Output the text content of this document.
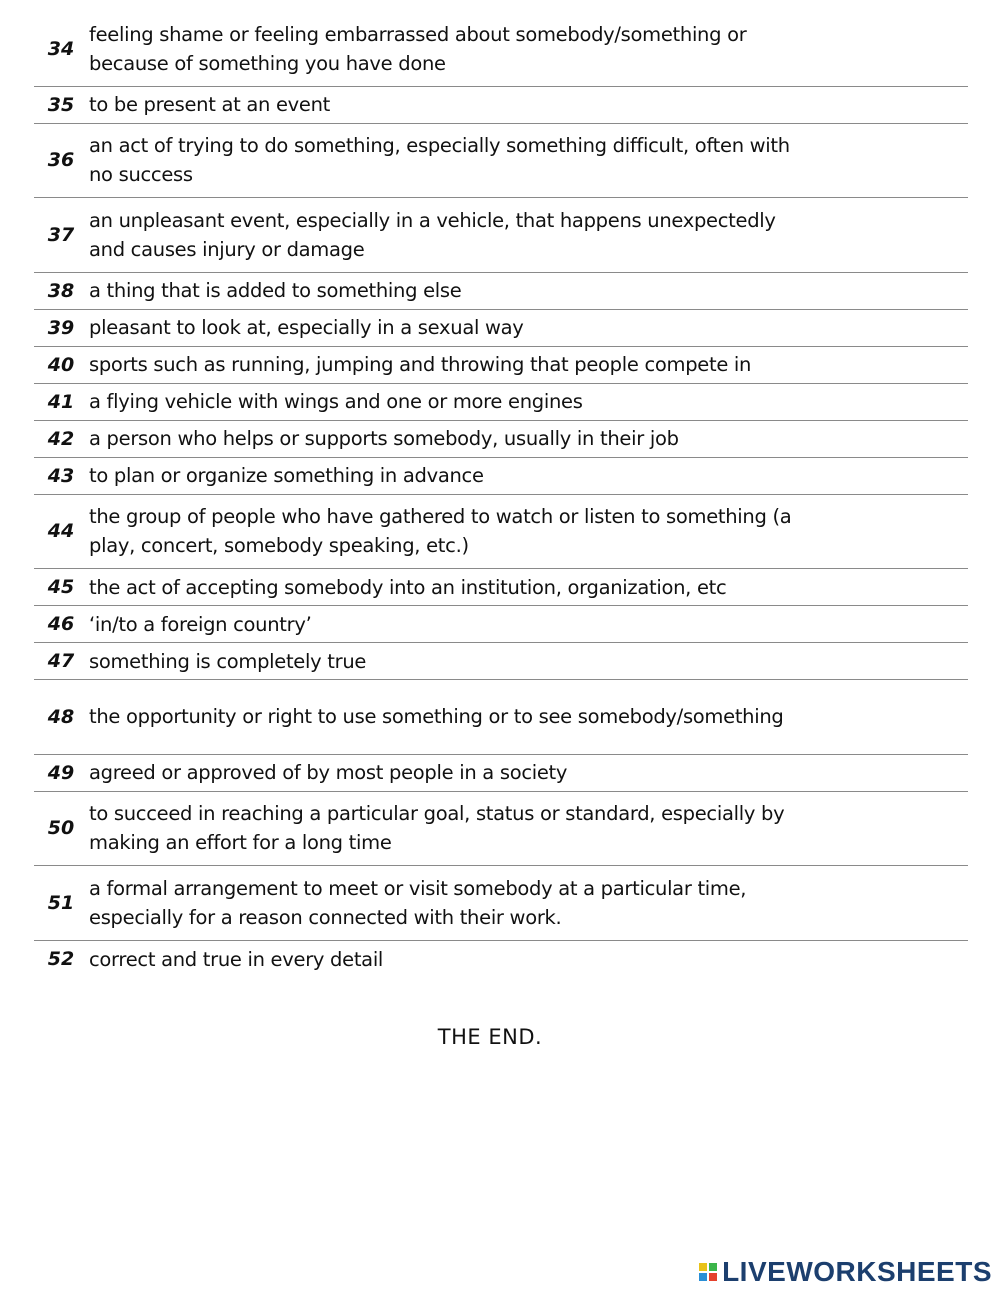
34
feeling shame or feeling embarrassed about somebody/something or because of something you have done
35 to be present at an event
36
an act of trying to do something, especially something difficult, often with no success
37
an unpleasant event, especially in a vehicle, that happens unexpectedly and causes injury or damage
38 a thing that is added to something else
39 pleasant to look at, especially in a sexual way
40 sports such as running, jumping and throwing that people compete in
41 a flying vehicle with wings and one or more engines
42 a person who helps or supports somebody, usually in their job
43 to plan or organize something in advance
44
the group of people who have gathered to watch or listen to something (a play, concert, somebody speaking, etc.)
45 the act of accepting somebody into an institution, organization, etc
46 ‘in/to a foreign country’
47 something is completely true
48 the opportunity or right to use something or to see somebody/something
49 agreed or approved of by most people in a society
50
to succeed in reaching a particular goal, status or standard, especially by making an effort for a long time
51
a formal arrangement to meet or visit somebody at a particular time, especially for a reason connected with their work.
52 correct and true in every detail
THE END.
LIVEWORKSHEETS
